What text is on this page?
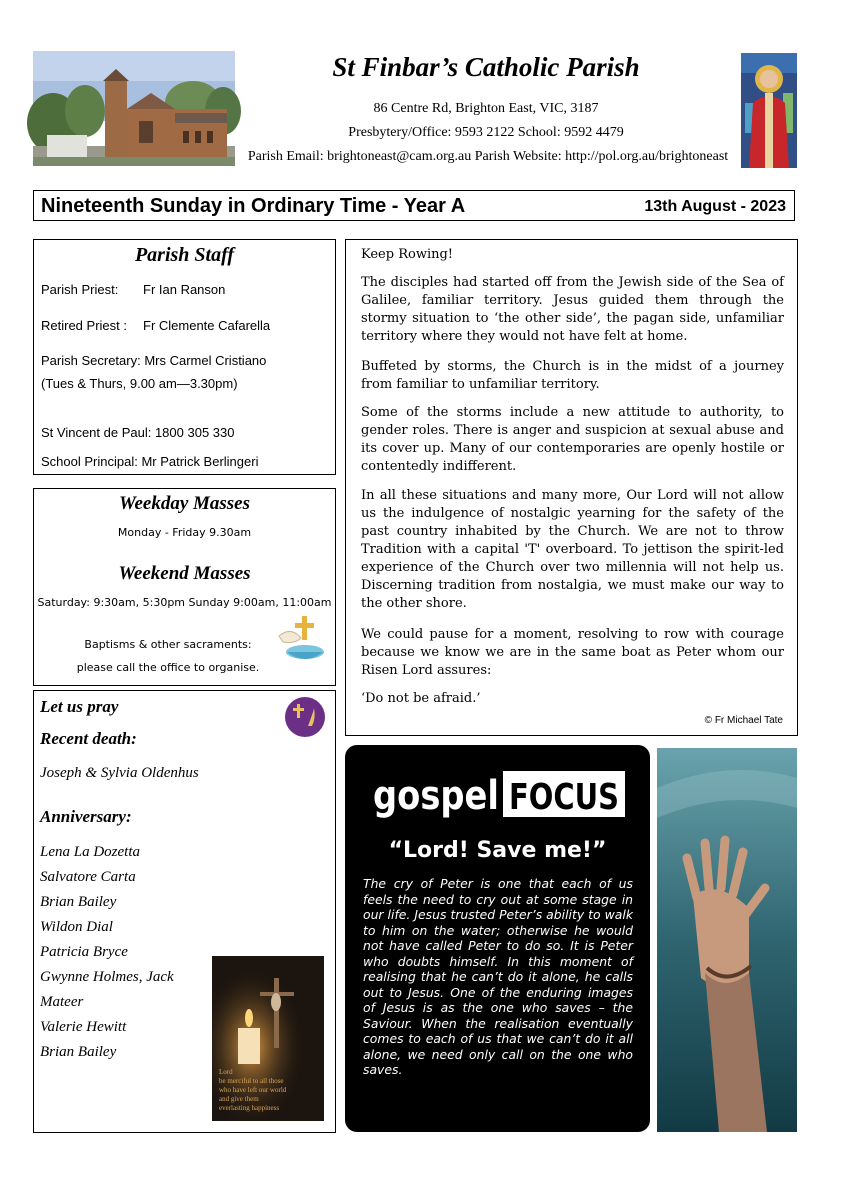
St Finbar’s Catholic Parish
86 Centre Rd, Brighton East, VIC, 3187
Presbytery/Office: 9593 2122 School: 9592 4479
Parish Email: brightoneast@cam.org.au Parish Website: http://pol.org.au/brightoneast
Nineteenth Sunday in Ordinary Time - Year A	13th August - 2023
Parish Staff
Parish Priest: Fr Ian Ranson
Retired Priest : Fr Clemente Cafarella
Parish Secretary: Mrs Carmel Cristiano
(Tues & Thurs, 9.00 am—3.30pm)
St Vincent de Paul: 1800 305 330
School Principal: Mr Patrick Berlingeri
Weekday Masses
Monday - Friday 9.30am
Weekend Masses
Saturday: 9:30am, 5:30pm Sunday 9:00am, 11:00am
Baptisms & other sacraments:
please call the office to organise.
Let us pray
Recent death:
Joseph & Sylvia Oldenhus
Anniversary:
Lena La Dozetta
Salvatore Carta
Brian Bailey
Wildon Dial
Patricia Bryce
Gwynne Holmes, Jack
Mateer
Valerie Hewitt
Brian Bailey
Lord
be merciful to all those
who have left our world
and give them
everlasting happiness
Keep Rowing!
The disciples had started off from the Jewish side of the Sea of Galilee, familiar territory. Jesus guided them through the stormy situation to ‘the other side’, the pagan side, unfamiliar territory where they would not have felt at home.
Buffeted by storms, the Church is in the midst of a journey from familiar to unfamiliar territory.
Some of the storms include a new attitude to authority, to gender roles. There is anger and suspicion at sexual abuse and its cover up. Many of our contemporaries are openly hostile or contentedly indifferent.
In all these situations and many more, Our Lord will not allow us the indulgence of nostalgic yearning for the safety of the past country inhabited by the Church. We are not to throw Tradition with a capital 'T' overboard. To jettison the spirit-led experience of the Church over two millennia will not help us. Discerning tradition from nostalgia, we must make our way to the other shore.
We could pause for a moment, resolving to row with courage because we know we are in the same boat as Peter whom our Risen Lord assures:
‘Do not be afraid.’
© Fr Michael Tate
gospel FOCUS
“Lord! Save me!”
The cry of Peter is one that each of us feels the need to cry out at some stage in our life. Jesus trusted Peter’s ability to walk to him on the water; otherwise he would not have called Peter to do so. It is Peter who doubts himself. In this moment of realising that he can’t do it alone, he calls out to Jesus. One of the enduring images of Jesus is as the one who saves – the Saviour. When the realisation eventually comes to each of us that we can’t do it all alone, we need only call on the one who saves.
